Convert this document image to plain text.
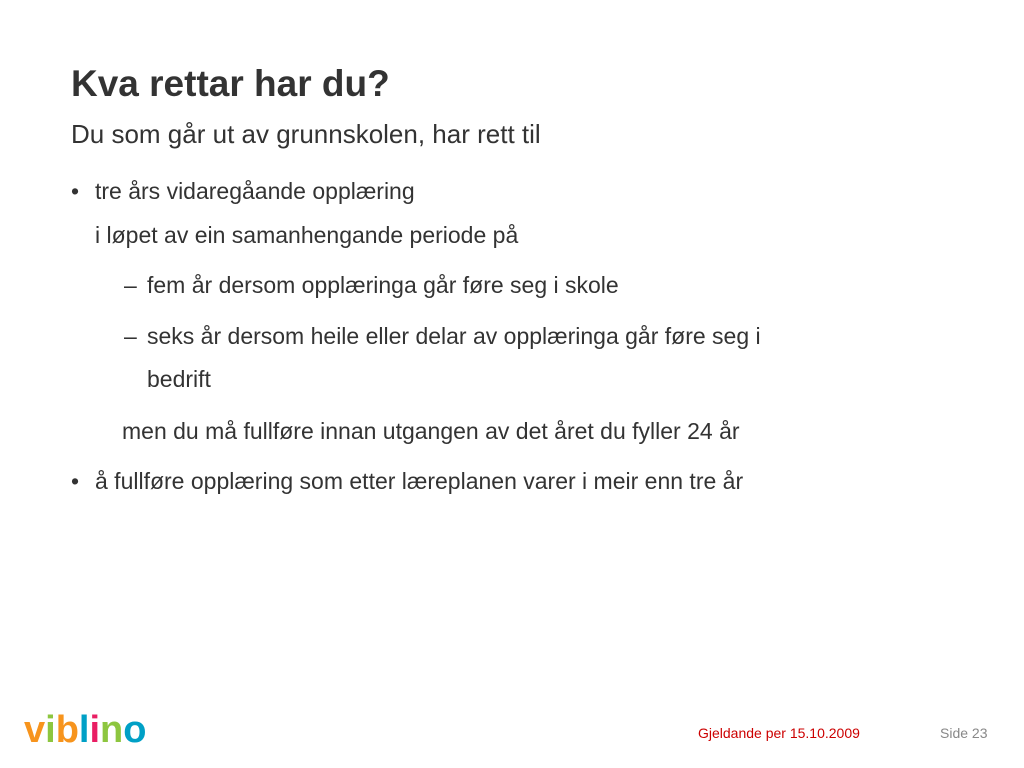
Kva rettar har du?
Du som går ut av grunnskolen, har rett til
• tre års vidaregåande opplæring
i løpet av ein samanhengande periode på
– fem år dersom opplæringa går føre seg i skole
– seks år dersom heile eller delar av opplæringa går føre seg i
bedrift
men du må fullføre innan utgangen av det året du fyller 24 år
• å fullføre opplæring som etter læreplanen varer i meir enn tre år
viblino	Gjeldande per 15.10.2009	Side 23
